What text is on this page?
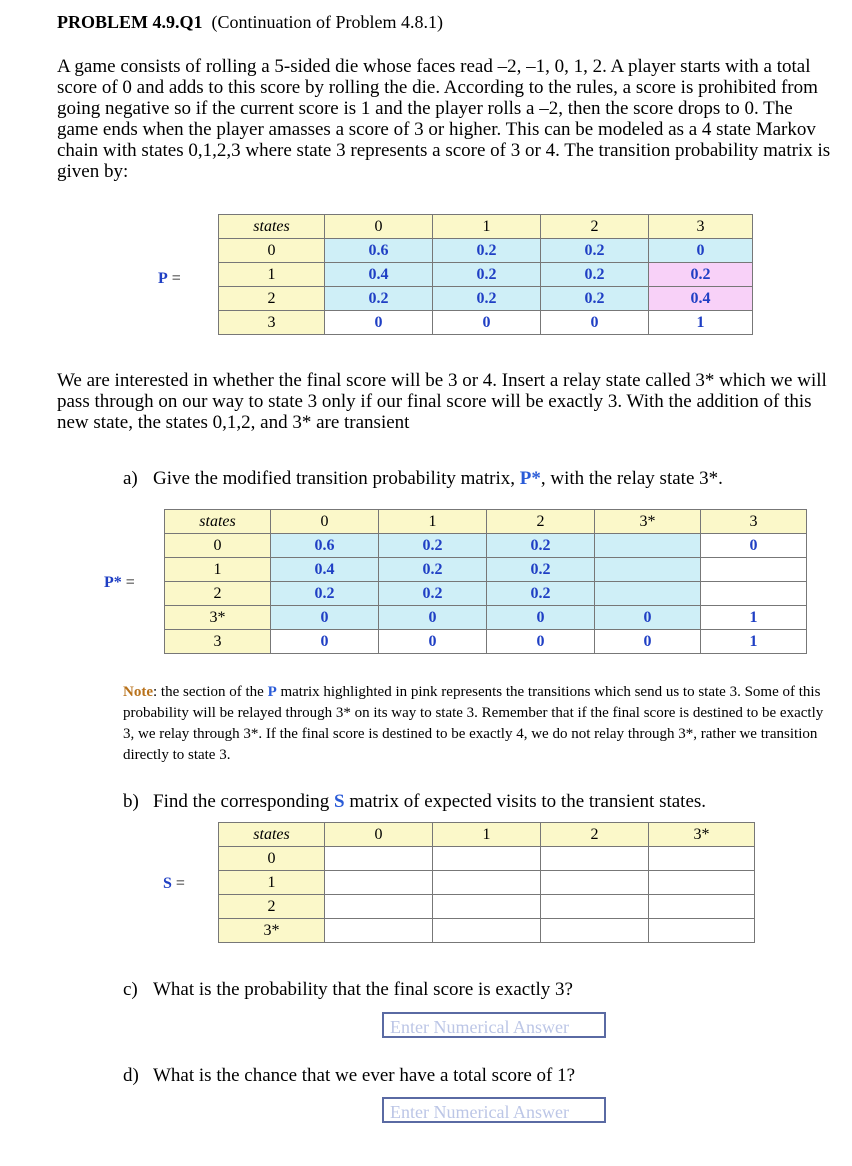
PROBLEM 4.9.Q1 (Continuation of Problem 4.8.1)
A game consists of rolling a 5-sided die whose faces read –2, –1, 0, 1, 2. A player starts with a total score of 0 and adds to this score by rolling the die. According to the rules, a score is prohibited from going negative so if the current score is 1 and the player rolls a –2, then the score drops to 0. The game ends when the player amasses a score of 3 or higher. This can be modeled as a 4 state Markov chain with states 0,1,2,3 where state 3 represents a score of 3 or 4. The transition probability matrix is given by:
P =
states	0	1	2	3
0	0.6	0.2	0.2	0
1	0.4	0.2	0.2	0.2
2	0.2	0.2	0.2	0.4
3	0	0	0	1
We are interested in whether the final score will be 3 or 4. Insert a relay state called 3* which we will pass through on our way to state 3 only if our final score will be exactly 3. With the addition of this new state, the states 0,1,2, and 3* are transient
a) Give the modified transition probability matrix, P*, with the relay state 3*.
P* =
states	0	1	2	3*	3
0	0.6	0.2	0.2		0
1	0.4	0.2	0.2		
2	0.2	0.2	0.2		
3*	0	0	0	0	1
3	0	0	0	0	1
Note: the section of the P matrix highlighted in pink represents the transitions which send us to state 3. Some of this probability will be relayed through 3* on its way to state 3. Remember that if the final score is destined to be exactly 3, we relay through 3*. If the final score is destined to be exactly 4, we do not relay through 3*, rather we transition directly to state 3.
b) Find the corresponding S matrix of expected visits to the transient states.
S =
states	0	1	2	3*
0				
1				
2				
3*				
c) What is the probability that the final score is exactly 3?
Enter Numerical Answer
d) What is the chance that we ever have a total score of 1?
Enter Numerical Answer
